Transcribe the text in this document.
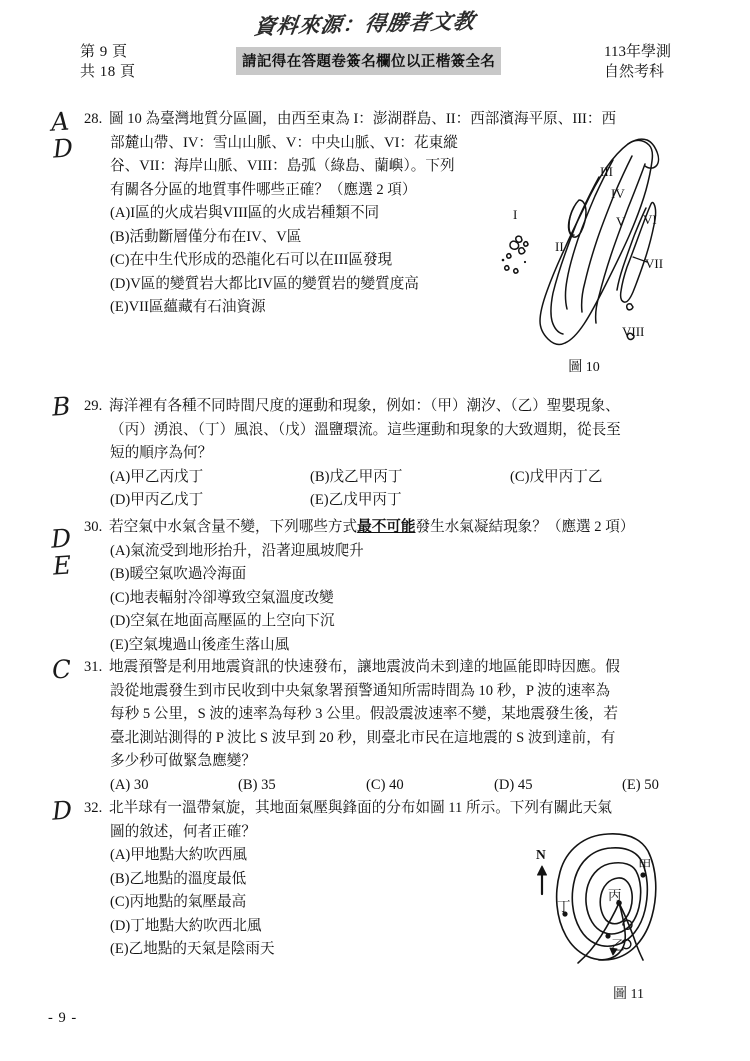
資料來源：得勝者文教
第 9 頁
共 18 頁
請記得在答題卷簽名欄位以正楷簽全名
113年學測
自然考科
A
D
28. 圖 10 為臺灣地質分區圖，由西至東為 I：澎湖群島、II：西部濱海平原、III：西
部麓山帶、IV：雪山山脈、V：中央山脈、VI：花東縱
谷、VII：海岸山脈、VIII：島弧（綠島、蘭嶼）。下列
有關各分區的地質事件哪些正確？（應選 2 項）
(A)I區的火成岩與VIII區的火成岩種類不同
(B)活動斷層僅分布在IV、V區
(C)在中生代形成的恐龍化石可以在III區發現
(D)V區的變質岩大都比IV區的變質岩的變質度高
(E)VII區蘊藏有石油資源
I
II
III
IV
V VI
VII
VIII
圖 10
B 29. 海洋裡有各種不同時間尺度的運動和現象，例如：（甲）潮汐、（乙）聖嬰現象、
（丙）湧浪、（丁）風浪、（戊）溫鹽環流。這些運動和現象的大致週期，從長至
短的順序為何？
(A)甲乙丙戊丁	(B)戊乙甲丙丁	(C)戊甲丙丁乙
(D)甲丙乙戊丁	(E)乙戊甲丙丁
D
E
30. 若空氣中水氣含量不變，下列哪些方式最不可能發生水氣凝結現象？（應選 2 項）
(A)氣流受到地形抬升，沿著迎風坡爬升
(B)暖空氣吹過冷海面
(C)地表輻射冷卻導致空氣溫度改變
(D)空氣在地面高壓區的上空向下沉
(E)空氣塊過山後產生落山風
C 31. 地震預警是利用地震資訊的快速發布，讓地震波尚未到達的地區能即時因應。假
設從地震發生到市民收到中央氣象署預警通知所需時間為 10 秒，P 波的速率為
每秒 5 公里，S 波的速率為每秒 3 公里。假設震波速率不變，某地震發生後，若
臺北測站測得的 P 波比 S 波早到 20 秒，則臺北市民在這地震的 S 波到達前，有
多少秒可做緊急應變？
(A) 30	(B) 35	(C) 40	(D) 45	(E) 50
D 32. 北半球有一溫帶氣旋，其地面氣壓與鋒面的分布如圖 11 所示。下列有關此天氣
圖的敘述，何者正確？
(A)甲地點大約吹西風
(B)乙地點的溫度最低
(C)丙地點的氣壓最高
(D)丁地點大約吹西北風
(E)乙地點的天氣是陰雨天
N
甲
乙
丙
丁
圖 11
- 9 -
